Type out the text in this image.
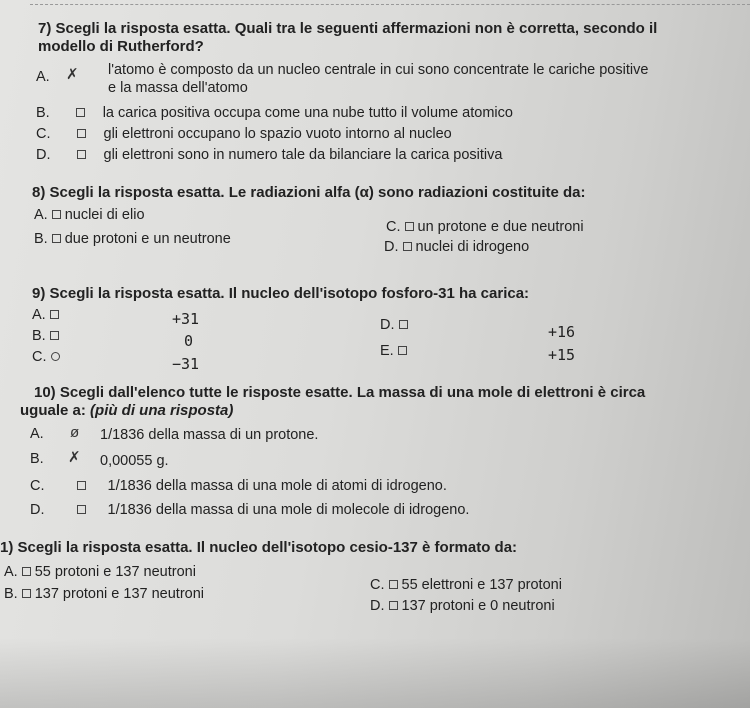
7) Scegli la risposta esatta. Quali tra le seguenti affermazioni non è corretta, secondo il
modello di Rutherford?
A. ✗ l'atomo è composto da un nucleo centrale in cui sono concentrate le cariche positive
e la massa dell'atomo
B.	la carica positiva occupa come una nube tutto il volume atomico
C.	gli elettroni occupano lo spazio vuoto intorno al nucleo
D.	gli elettroni sono in numero tale da bilanciare la carica positiva
8) Scegli la risposta esatta. Le radiazioni alfa (α) sono radiazioni costituite da:
A. nuclei di elio
B. due protoni e un neutrone
C. un protone e due neutroni
D. nuclei di idrogeno
9) Scegli la risposta esatta. Il nucleo dell'isotopo fosforo-31 ha carica:
A.	+31
B.	0
C.	−31
D.	+16
E.	+15
10) Scegli dall'elenco tutte le risposte esatte. La massa di una mole di elettroni è circa
uguale a: (più di una risposta)
A. ø 1/1836 della massa di un protone.
B. ✗ 0,00055 g.
C.	1/1836 della massa di una mole di atomi di idrogeno.
D.	1/1836 della massa di una mole di molecole di idrogeno.
1) Scegli la risposta esatta. Il nucleo dell'isotopo cesio-137 è formato da:
A. 55 protoni e 137 neutroni
B. 137 protoni e 137 neutroni
C. 55 elettroni e 137 protoni
D. 137 protoni e 0 neutroni
